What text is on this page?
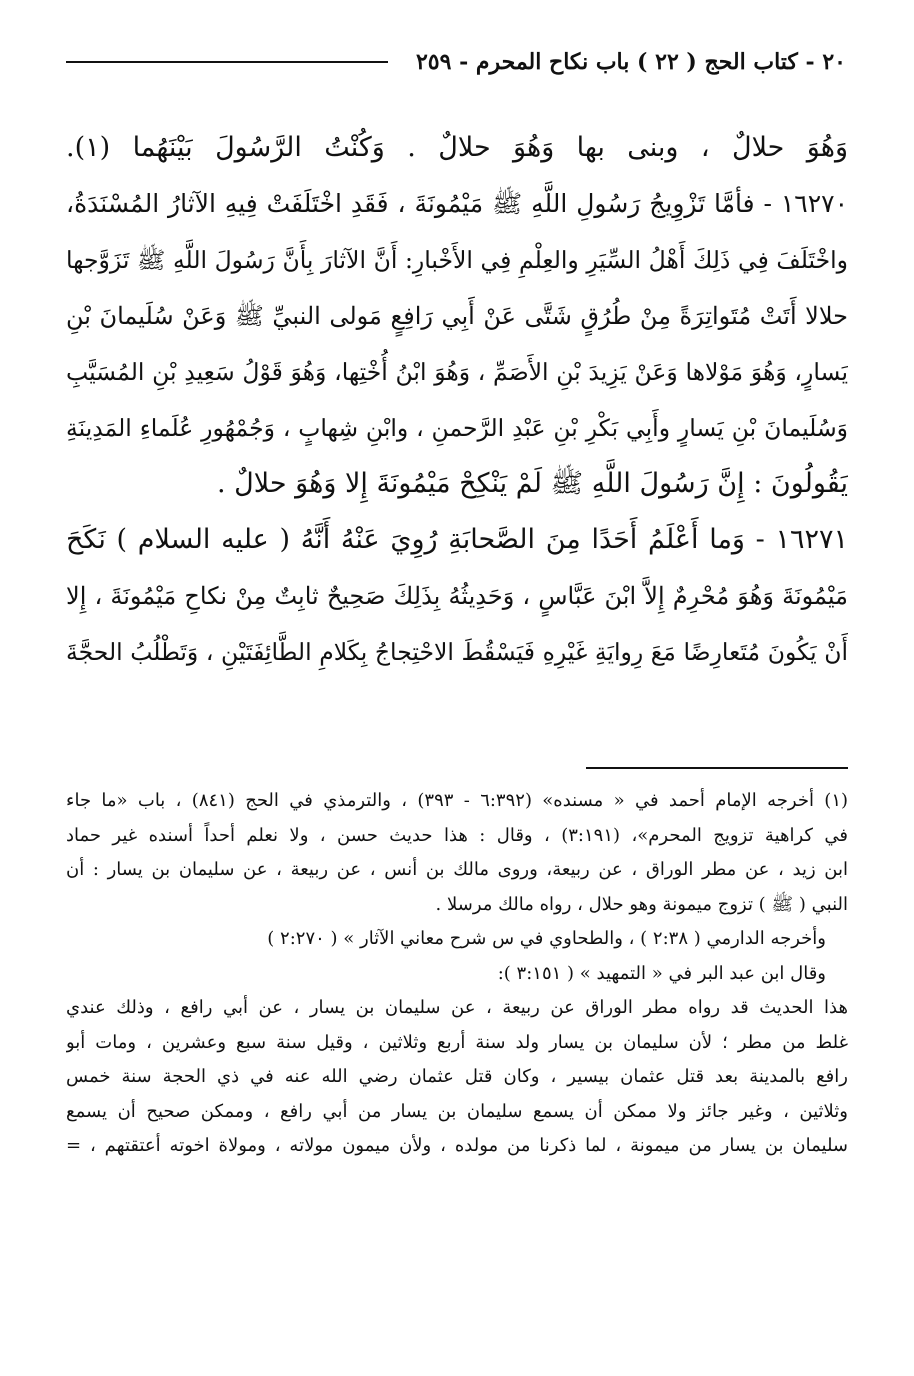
٢٠ - كتاب الحج ( ٢٢ ) باب نكاح المحرم - ٢٥٩
وَهُوَ حلالٌ ، وبنى بها وَهُوَ حلالٌ . وَكُنْتُ الرَّسُولَ بَيْنَهُما (١).
١٦٢٧٠ - فأمَّا تَزْوِيجُ رَسُولِ اللَّهِ ﷺ مَيْمُونَةَ ، فَقَدِ اخْتَلَفَتْ فِيهِ الآثارُ المُسْنَدَةُ،
واخْتَلَفَ فِي ذَلِكَ أَهْلُ السِّيَرِ والعِلْمِ فِي الأَخْبارِ: أَنَّ الآثارَ بِأَنَّ رَسُولَ اللَّهِ ﷺ تَزَوَّجها
حلالا أَتَتْ مُتَواتِرَةً مِنْ طُرُقٍ شَتَّى عَنْ أَبِي رَافِعٍ مَولى النبيِّ ﷺ وَعَنْ سُلَيمانَ بْنِ
يَسارٍ، وَهُوَ مَوْلاها وَعَنْ يَزِيدَ بْنِ الأَصَمِّ ، وَهُوَ ابْنُ أُخْتِها، وَهُوَ قَوْلُ سَعِيدِ بْنِ المُسَيَّبِ
وَسُلَيمانَ بْنِ يَسارٍ وأَبِي بَكْرِ بْنِ عَبْدِ الرَّحمنِ ، وابْنِ شِهابٍ ، وَجُمْهُورِ عُلَماءِ المَدِينَةِ
يَقُولُونَ : إِنَّ رَسُولَ اللَّهِ ﷺ لَمْ يَنْكِحْ مَيْمُونَةَ إِلا وَهُوَ حلالٌ .
١٦٢٧١ - وَما أَعْلَمُ أَحَدًا مِنَ الصَّحابَةِ رُوِيَ عَنْهُ أَنَّهُ ( عليه السلام ) نَكَحَ
مَيْمُونَةَ وَهُوَ مُحْرِمٌ إِلاَّ ابْنَ عَبَّاسٍ ، وَحَدِيثُهُ بِذَلِكَ صَحِيحٌ ثابِتٌ مِنْ نكاحِ مَيْمُونَةَ ، إِلا
أَنْ يَكُونَ مُتَعارِضًا مَعَ رِوايَةِ غَيْرِهِ فَيَسْقُطَ الاحْتِجاجُ بِكَلامِ الطَّائِفَتَيْنِ ، وَتَطْلُبُ الحجَّةَ
(١) أخرجه الإمام أحمد في « مسنده» (٦:٣٩٢ - ٣٩٣) ، والترمذي في الحج (٨٤١) ، باب «ما جاء
في كراهية تزويج المحرم»، (٣:١٩١) ، وقال : هذا حديث حسن ، ولا نعلم أحداً أسنده غير حماد
ابن زيد ، عن مطر الوراق ، عن ربيعة، وروى مالك بن أنس ، عن ربيعة ، عن سليمان بن يسار : أن
النبي ( ﷺ ) تزوج ميمونة وهو حلال ، رواه مالك مرسلا .
وأخرجه الدارمي ( ٢:٣٨ ) ، والطحاوي في س شرح معاني الآثار » ( ٢:٢٧٠ )
وقال ابن عبد البر في « التمهيد » ( ٣:١٥١ ):
هذا الحديث قد رواه مطر الوراق عن ربيعة ، عن سليمان بن يسار ، عن أبي رافع ، وذلك عندي
غلط من مطر ؛ لأن سليمان بن يسار ولد سنة أربع وثلاثين ، وقيل سنة سبع وعشرين ، ومات أبو
رافع بالمدينة بعد قتل عثمان بيسير ، وكان قتل عثمان رضي الله عنه في ذي الحجة سنة خمس
وثلاثين ، وغير جائز ولا ممكن أن يسمع سليمان بن يسار من أبي رافع ، وممكن صحيح أن يسمع
سليمان بن يسار من ميمونة ، لما ذكرنا من مولده ، ولأن ميمون مولاته ، ومولاة اخوته أعتقتهم ، =
